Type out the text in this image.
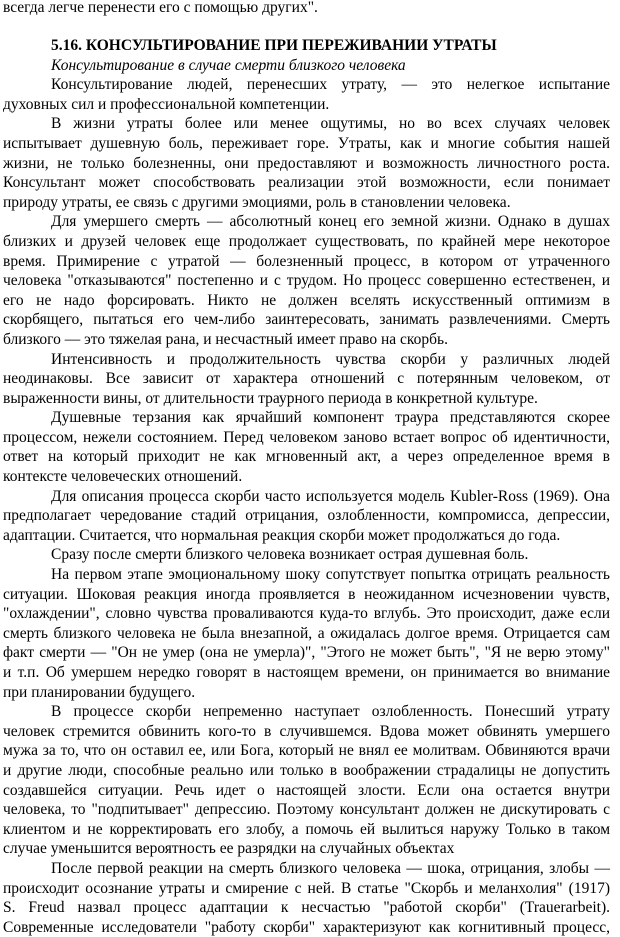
всегда легче перенести его с помощью других".
5.16. КОНСУЛЬТИРОВАНИЕ ПРИ ПЕРЕЖИВАНИИ УТРАТЫ
Консультирование в случае смерти близкого человека
Консультирование людей, перенесших утрату, — это нелегкое испытание
духовных сил и профессиональной компетенции.
В жизни утраты более или менее ощутимы, но во всех случаях человек
испытывает душевную боль, переживает горе. Утраты, как и многие события нашей
жизни, не только болезненны, они предоставляют и возможность личностного роста.
Консультант может способствовать реализации этой возможности, если понимает
природу утраты, ее связь с другими эмоциями, роль в становлении человека.
Для умершего смерть — абсолютный конец его земной жизни. Однако в душах
близких и друзей человек еще продолжает существовать, по крайней мере некоторое
время. Примирение с утратой — болезненный процесс, в котором от утраченного
человека "отказываются" постепенно и с трудом. Но процесс совершенно естественен, и
его не надо форсировать. Никто не должен вселять искусственный оптимизм в
скорбящего, пытаться его чем-либо заинтересовать, занимать развлечениями. Смерть
близкого — это тяжелая рана, и несчастный имеет право на скорбь.
Интенсивность и продолжительность чувства скорби у различных людей
неодинаковы. Все зависит от характера отношений с потерянным человеком, от
выраженности вины, от длительности траурного периода в конкретной культуре.
Душевные терзания как ярчайший компонент траура представляются скорее
процессом, нежели состоянием. Перед человеком заново встает вопрос об идентичности,
ответ на который приходит не как мгновенный акт, а через определенное время в
контексте человеческих отношений.
Для описания процесса скорби часто используется модель Kubler-Ross (1969). Она
предполагает чередование стадий отрицания, озлобленности, компромисса, депрессии,
адаптации. Считается, что нормальная реакция скорби может продолжаться до года.
Сразу после смерти близкого человека возникает острая душевная боль.
На первом этапе эмоциональному шоку сопутствует попытка отрицать реальность
ситуации. Шоковая реакция иногда проявляется в неожиданном исчезновении чувств,
"охлаждении", словно чувства проваливаются куда-то вглубь. Это происходит, даже если
смерть близкого человека не была внезапной, а ожидалась долгое время. Отрицается сам
факт смерти — "Он не умер (она не умерла)", "Этого не может быть", "Я не верю этому"
и т.п. Об умершем нередко говорят в настоящем времени, он принимается во внимание
при планировании будущего.
В процессе скорби непременно наступает озлобленность. Понесший утрату
человек стремится обвинить кого-то в случившемся. Вдова может обвинять умершего
мужа за то, что он оставил ее, или Бога, который не внял ее молитвам. Обвиняются врачи
и другие люди, способные реально или только в воображении страдалицы не допустить
создавшейся ситуации. Речь идет о настоящей злости. Если она остается внутри
человека, то "подпитывает" депрессию. Поэтому консультант должен не дискутировать с
клиентом и не корректировать его злобу, а помочь ей вылиться наружу Только в таком
случае уменьшится вероятность ее разрядки на случайных объектах
После первой реакции на смерть близкого человека — шока, отрицания, злобы —
происходит осознание утраты и смирение с ней. В статье "Скорбь и меланхолия" (1917)
S. Freud назвал процесс адаптации к несчастью "работой скорби" (Trauerarbeit).
Современные исследователи "работу скорби" характеризуют как когнитивный процесс,
